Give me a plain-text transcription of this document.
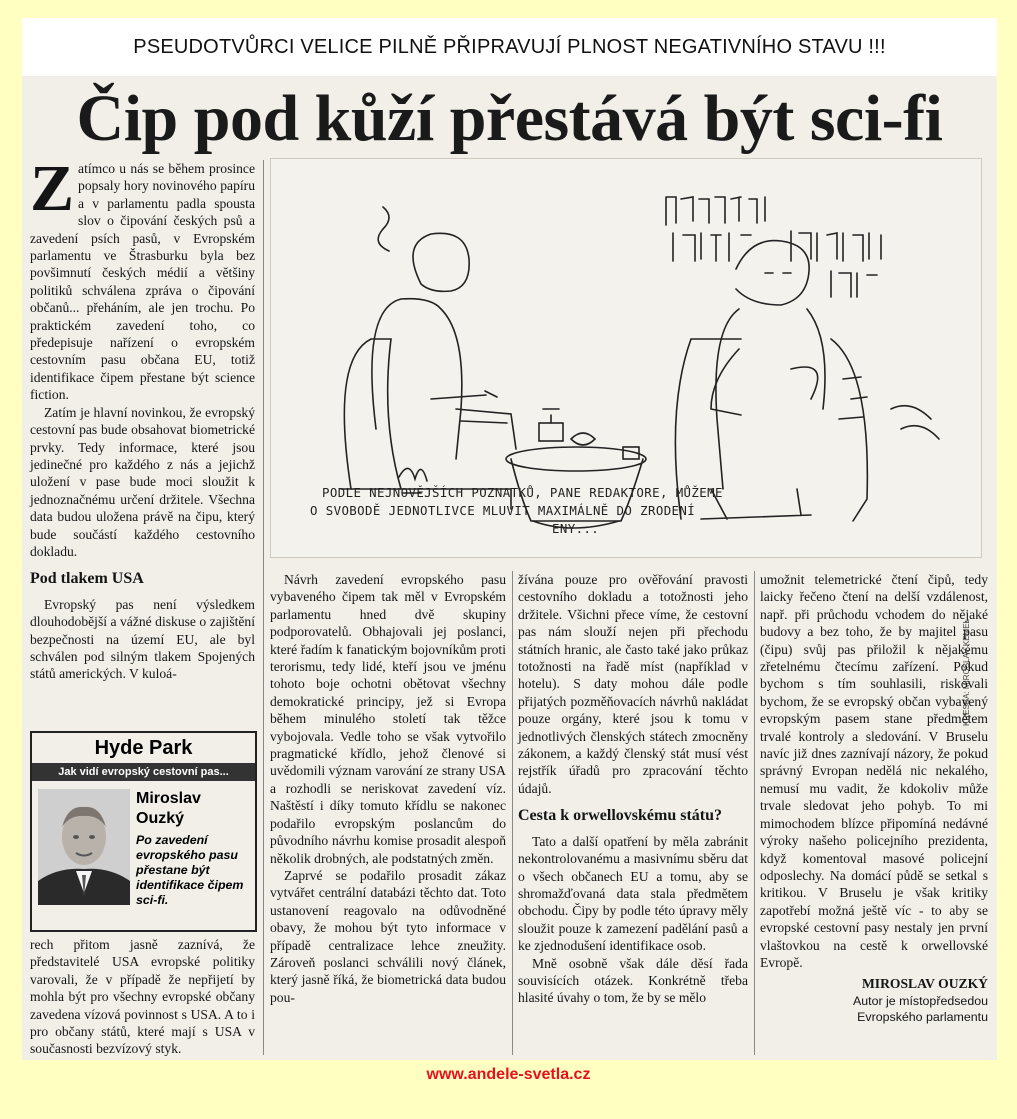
PSEUDOTVŮRCI VELICE PILNĚ PŘIPRAVUJÍ PLNOST NEGATIVNÍHO STAVU !!!
Čip pod kůží přestává být sci-fi

Zatímco u nás se během prosince popsaly hory novinového papíru a v parlamentu padla spousta slov o čipování českých psů a zavedení psích pasů, v Evropském parlamentu ve Štrasburku byla bez povšimnutí českých médií a většiny politiků schválena zpráva o čipování občanů... přeháním, ale jen trochu. Po praktickém zavedení toho, co předepisuje nařízení o evropském cestovním pasu občana EU, totiž identifikace čipem přestane být science fiction.

Zatím je hlavní novinkou, že evropský cestovní pas bude obsahovat biometrické prvky. Tedy informace, které jsou jedinečné pro každého z nás a jejichž uložení v pase bude moci sloužit k jednoznačnému určení držitele. Všechna data budou uložena právě na čipu, který bude součástí každého cestovního dokladu.

Pod tlakem USA

Evropský pas není výsledkem dlouhodobější a vážné diskuse o zajištění bezpečnosti na území EU, ale byl schválen pod silným tlakem Spojených států amerických. V kuloá-

Hyde Park
Jak vidí evropský cestovní pas...
Miroslav
Ouzký
Po zavedení evropského pasu přestane být identifikace čipem sci-fi.

rech přitom jasně zaznívá, že představitelé USA evropské politiky varovali, že v případě že nepřijetí by mohla být pro všechny evropské občany zavedena vízová povinnost s USA. A to i pro občany států, které mají s USA v současnosti bezvízový styk.

PODLE NEJNOVĚJŠÍCH POZNATKŮ, PANE REDAKTORE, MŮŽEME
O SVOBODĚ JEDNOTLIVCE MLUVIT MAXIMÁLNĚ DO ZRODENÍ
ENY...
KRESBA: MIROSLAV KEMEL

Návrh zavedení evropského pasu vybaveného čipem tak měl v Evropském parlamentu hned dvě skupiny podporovatelů. Obhajovali jej poslanci, které řadím k fanatickým bojovníkům proti terorismu, tedy lidé, kteří jsou ve jménu tohoto boje ochotni obětovat všechny demokratické principy, jež si Evropa během minulého století tak těžce vybojovala. Vedle toho se však vytvořilo pragmatické křídlo, jehož členové si uvědomili význam varování ze strany USA a rozhodli se neriskovat zavedení víz. Naštěstí i díky tomuto křídlu se nakonec podařilo evropským poslancům do původního návrhu komise prosadit alespoň několik drobných, ale podstatných změn.

Zaprvé se podařilo prosadit zákaz vytvářet centrální databázi těchto dat. Toto ustanovení reagovalo na odůvodněné obavy, že mohou být tyto informace v případě centralizace lehce zneužity. Zároveň poslanci schválili nový článek, který jasně říká, že biometrická data budou pou-

žívána pouze pro ověřování pravosti cestovního dokladu a totožnosti jeho držitele. Všichni přece víme, že cestovní pas nám slouží nejen při přechodu státních hranic, ale často také jako průkaz totožnosti na řadě míst (například v hotelu). S daty mohou dále podle přijatých pozměňovacích návrhů nakládat pouze orgány, které jsou k tomu v jednotlivých členských státech zmocněny zákonem, a každý členský stát musí vést rejstřík úřadů pro zpracování těchto údajů.

Cesta k orwellovskému státu?

Tato a další opatření by měla zabránit nekontrolovanému a masivnímu sběru dat o všech občanech EU a tomu, aby se shromažďovaná data stala předmětem obchodu. Čipy by podle této úpravy měly sloužit pouze k zamezení padělání pasů a ke zjednodušení identifikace osob.

Mně osobně však dále děsí řada souvisících otázek. Konkrétně třeba hlasité úvahy o tom, že by se mělo

umožnit telemetrické čtení čipů, tedy laicky řečeno čtení na delší vzdálenost, např. při průchodu vchodem do nějaké budovy a bez toho, že by majitel pasu (čipu) svůj pas přiložil k nějakému zřetelnému čtecímu zařízení. Pokud bychom s tím souhlasili, riskovali bychom, že se evropský občan vybavený evropským pasem stane předmětem trvalé kontroly a sledování. V Bruselu navíc již dnes zaznívají názory, že pokud správný Evropan nedělá nic nekalého, nemusí mu vadit, že kdokoliv může trvale sledovat jeho pohyb. To mi mimochodem blízce připomíná nedávné výroky našeho policejního prezidenta, když komentoval masové policejní odposlechy. Na domácí půdě se setkal s kritikou. V Bruselu je však kritiky zapotřebí možná ještě víc - to aby se evropské cestovní pasy nestaly jen první vlaštovkou na cestě k orwellovské Evropě.

MIROSLAV OUZKÝ
Autor je místopředsedou
Evropského parlamentu
www.andele-svetla.cz
